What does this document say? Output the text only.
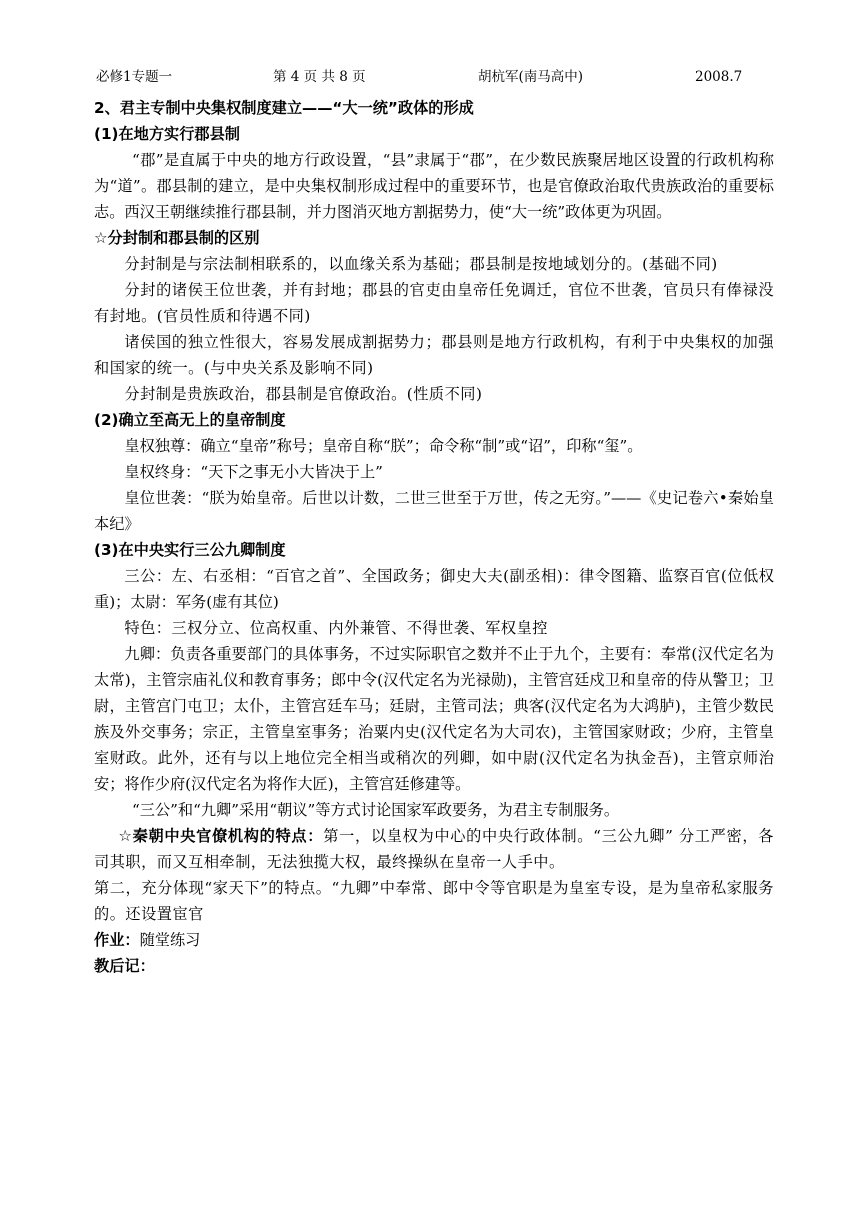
必修1专题一	第 4 页 共 8 页	胡杭军(南马高中)	2008.7

2、君主专制中央集权制度建立——“大一统”政体的形成

(1)在地方实行郡县制

“郡”是直属于中央的地方行政设置，“县”隶属于“郡”，在少数民族聚居地区设置的行政机构称为“道”。郡县制的建立，是中央集权制形成过程中的重要环节，也是官僚政治取代贵族政治的重要标志。西汉王朝继续推行郡县制，并力图消灭地方割据势力，使“大一统”政体更为巩固。

☆分封制和郡县制的区别

分封制是与宗法制相联系的，以血缘关系为基础；郡县制是按地域划分的。(基础不同)

分封的诸侯王位世袭，并有封地；郡县的官吏由皇帝任免调迁，官位不世袭，官员只有俸禄没有封地。(官员性质和待遇不同)

诸侯国的独立性很大，容易发展成割据势力；郡县则是地方行政机构，有利于中央集权的加强和国家的统一。(与中央关系及影响不同)

分封制是贵族政治，郡县制是官僚政治。(性质不同)

(2)确立至高无上的皇帝制度

皇权独尊：确立“皇帝”称号；皇帝自称“朕”；命令称“制”或“诏”，印称“玺”。

皇权终身：“天下之事无小大皆决于上”

皇位世袭：“朕为始皇帝。后世以计数，二世三世至于万世，传之无穷。”——《史记卷六•秦始皇本纪》

(3)在中央实行三公九卿制度

三公：左、右丞相：“百官之首”、全国政务；御史大夫(副丞相)：律令图籍、监察百官(位低权重)；太尉：军务(虚有其位)

特色：三权分立、位高权重、内外兼管、不得世袭、军权皇控

九卿：负责各重要部门的具体事务，不过实际职官之数并不止于九个，主要有：奉常(汉代定名为太常)，主管宗庙礼仪和教育事务；郎中令(汉代定名为光禄勋)，主管宫廷戍卫和皇帝的侍从警卫；卫尉，主管宫门屯卫；太仆，主管宫廷车马；廷尉，主管司法；典客(汉代定名为大鸿胪)，主管少数民族及外交事务；宗正，主管皇室事务；治粟内史(汉代定名为大司农)，主管国家财政；少府，主管皇室财政。此外，还有与以上地位完全相当或稍次的列卿，如中尉(汉代定名为执金吾)，主管京师治安；将作少府(汉代定名为将作大匠)，主管宫廷修建等。

“三公”和“九卿”采用“朝议”等方式讨论国家军政要务，为君主专制服务。

☆秦朝中央官僚机构的特点：第一，以皇权为中心的中央行政体制。“三公九卿” 分工严密，各司其职，而又互相牵制，无法独揽大权，最终操纵在皇帝一人手中。

第二，充分体现“家天下”的特点。“九卿”中奉常、郎中令等官职是为皇室专设，是为皇帝私家服务的。还设置宦官

作业：随堂练习

教后记：
